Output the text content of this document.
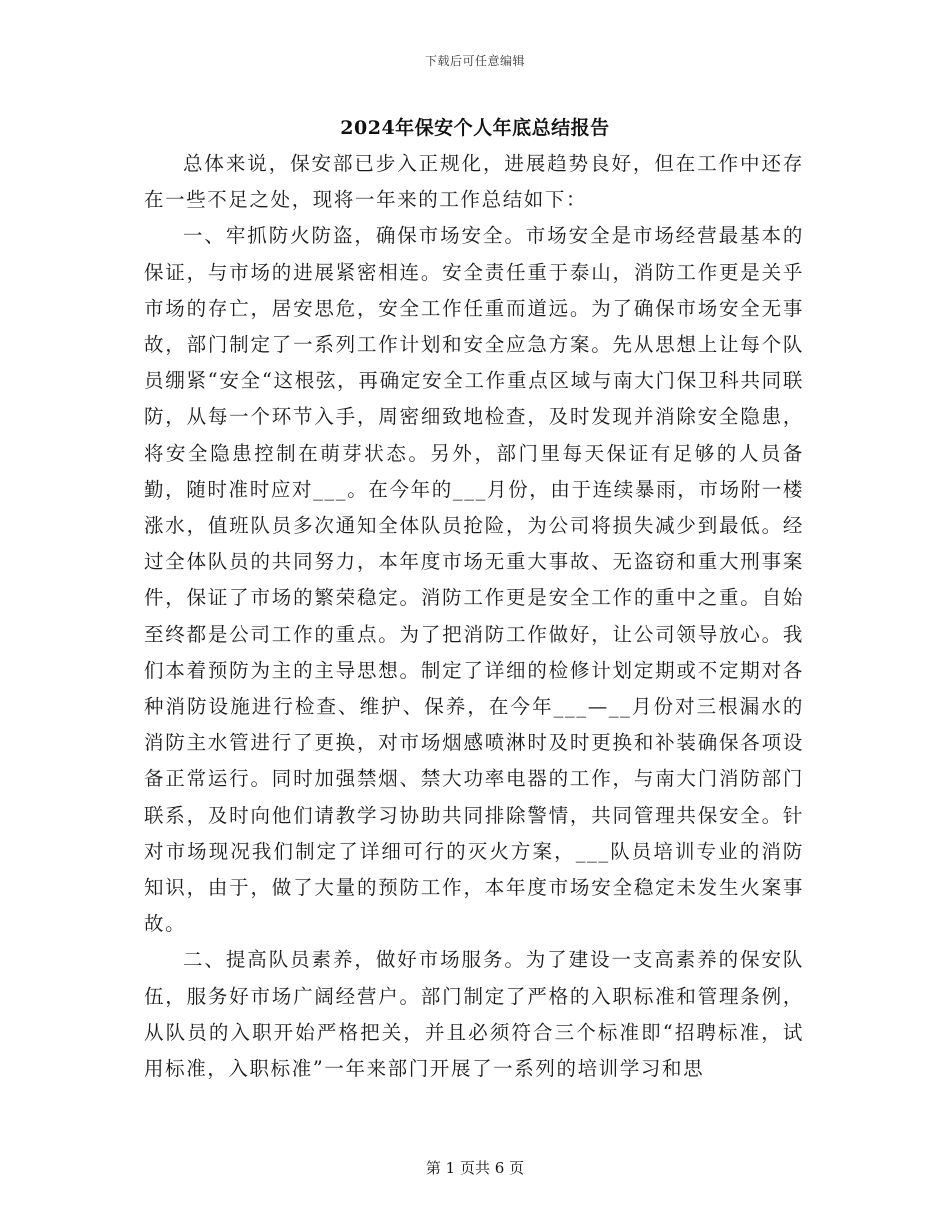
下载后可任意编辑
2024年保安个人年底总结报告

总体来说，保安部已步入正规化，进展趋势良好，但在工作中还存在一些不足之处，现将一年来的工作总结如下：

一、牢抓防火防盗，确保市场安全。市场安全是市场经营最基本的保证，与市场的进展紧密相连。安全责任重于泰山，消防工作更是关乎市场的存亡，居安思危，安全工作任重而道远。为了确保市场安全无事故，部门制定了一系列工作计划和安全应急方案。先从思想上让每个队员绷紧“安全“这根弦，再确定安全工作重点区域与南大门保卫科共同联防，从每一个环节入手，周密细致地检查，及时发现并消除安全隐患，将安全隐患控制在萌芽状态。另外，部门里每天保证有足够的人员备勤，随时准时应对___。在今年的___月份，由于连续暴雨，市场附一楼涨水，值班队员多次通知全体队员抢险，为公司将损失减少到最低。经过全体队员的共同努力，本年度市场无重大事故、无盗窃和重大刑事案件，保证了市场的繁荣稳定。消防工作更是安全工作的重中之重。自始至终都是公司工作的重点。为了把消防工作做好，让公司领导放心。我们本着预防为主的主导思想。制定了详细的检修计划定期或不定期对各种消防设施进行检查、维护、保养，在今年___—__月份对三根漏水的消防主水管进行了更换，对市场烟感喷淋时及时更换和补装确保各项设备正常运行。同时加强禁烟、禁大功率电器的工作，与南大门消防部门联系，及时向他们请教学习协助共同排除警情，共同管理共保安全。针对市场现况我们制定了详细可行的灭火方案，___队员培训专业的消防知识，由于，做了大量的预防工作，本年度市场安全稳定未发生火案事故。

二、提高队员素养，做好市场服务。为了建设一支高素养的保安队伍，服务好市场广阔经营户。部门制定了严格的入职标准和管理条例，从队员的入职开始严格把关，并且必须符合三个标准即“招聘标准，试用标准，入职标准”一年来部门开展了一系列的培训学习和思

第 1 页共 6 页
